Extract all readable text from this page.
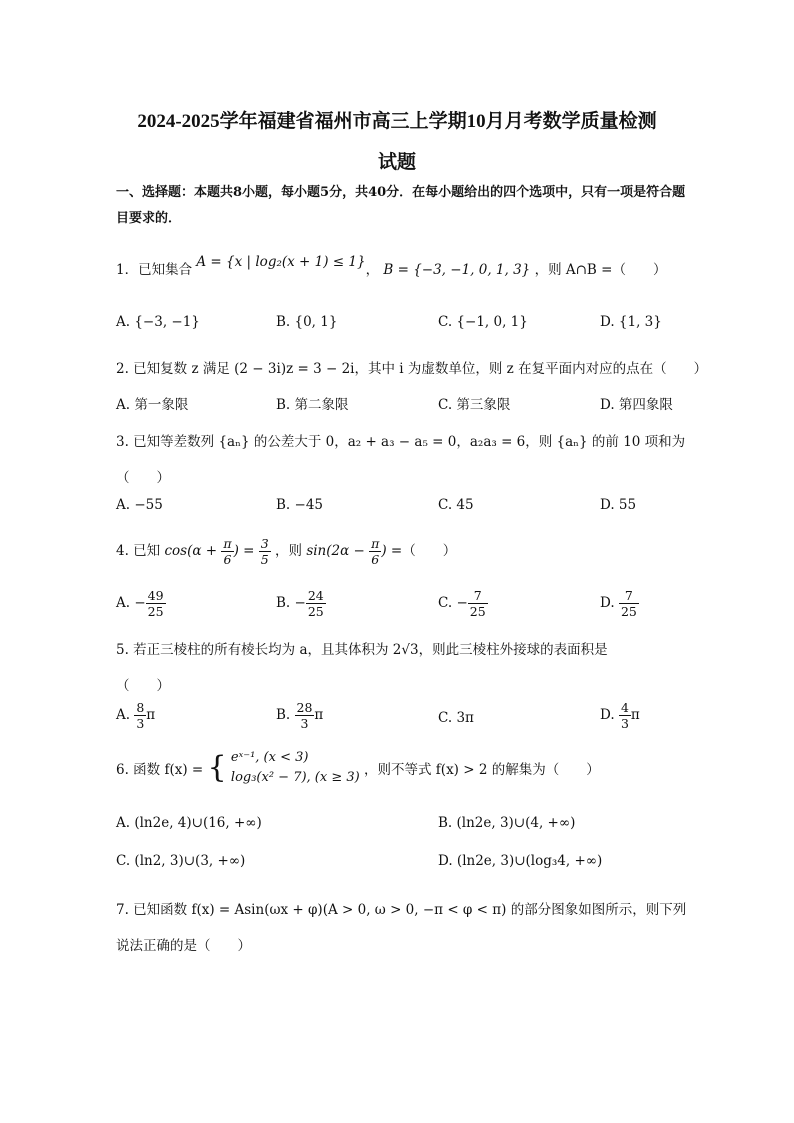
2024-2025学年福建省福州市高三上学期10月月考数学质量检测
试题
一、选择题：本题共8小题，每小题5分，共40分．在每小题给出的四个选项中，只有一项是符合题目要求的．
1．已知集合 A = {x | log₂(x + 1) ≤ 1}， B = {−3, −1, 0, 1, 3} ，则 A∩B =（　　）
A. {−3, −1}	B. {0, 1}	C. {−1, 0, 1}	D. {1, 3}
2. 已知复数 z 满足 (2 − 3i)z = 3 − 2i，其中 i 为虚数单位，则 z 在复平面内对应的点在（　　）
A. 第一象限	B. 第二象限	C. 第三象限	D. 第四象限
3. 已知等差数列 {aₙ} 的公差大于 0，a₂ + a₃ − a₅ = 0，a₂a₃ = 6，则 {aₙ} 的前 10 项和为
（　　）
A. −55	B. −45	C. 45	D. 55
4. 已知 $\cos(\alpha + \frac{\pi}{6}$ ) = $\frac{3}{5}$ ，则 $\sin(2\alpha - \frac{\pi}{6}$ ) =（　　）
A. − $\frac{49}{25}$	B. − $\frac{24}{25}$	C. − $\frac{7}{25}$	D. $\frac{7}{25}$
5. 若正三棱柱的所有棱长均为 a，且其体积为 2√3，则此三棱柱外接球的表面积是
（　　）
A. $\frac{8}{3}$ π	B. $\frac{28}{3}$ π	C. 3π	D. $\frac{4}{3}$ π
6. 函数 f(x) = { eˣ⁻¹, (x < 3)
log₃(x² − 7), (x ≥ 3) ，则不等式 f(x) > 2 的解集为（　　）
A. (ln2e, 4)∪(16, +∞)	B. (ln2e, 3)∪(4, +∞)
C. (ln2, 3)∪(3, +∞)	D. (ln2e, 3)∪(log₃4, +∞)
7. 已知函数 f(x) = Asin(ωx + φ)(A > 0, ω > 0, −π < φ < π) 的部分图象如图所示，则下列
说法正确的是（　　）
